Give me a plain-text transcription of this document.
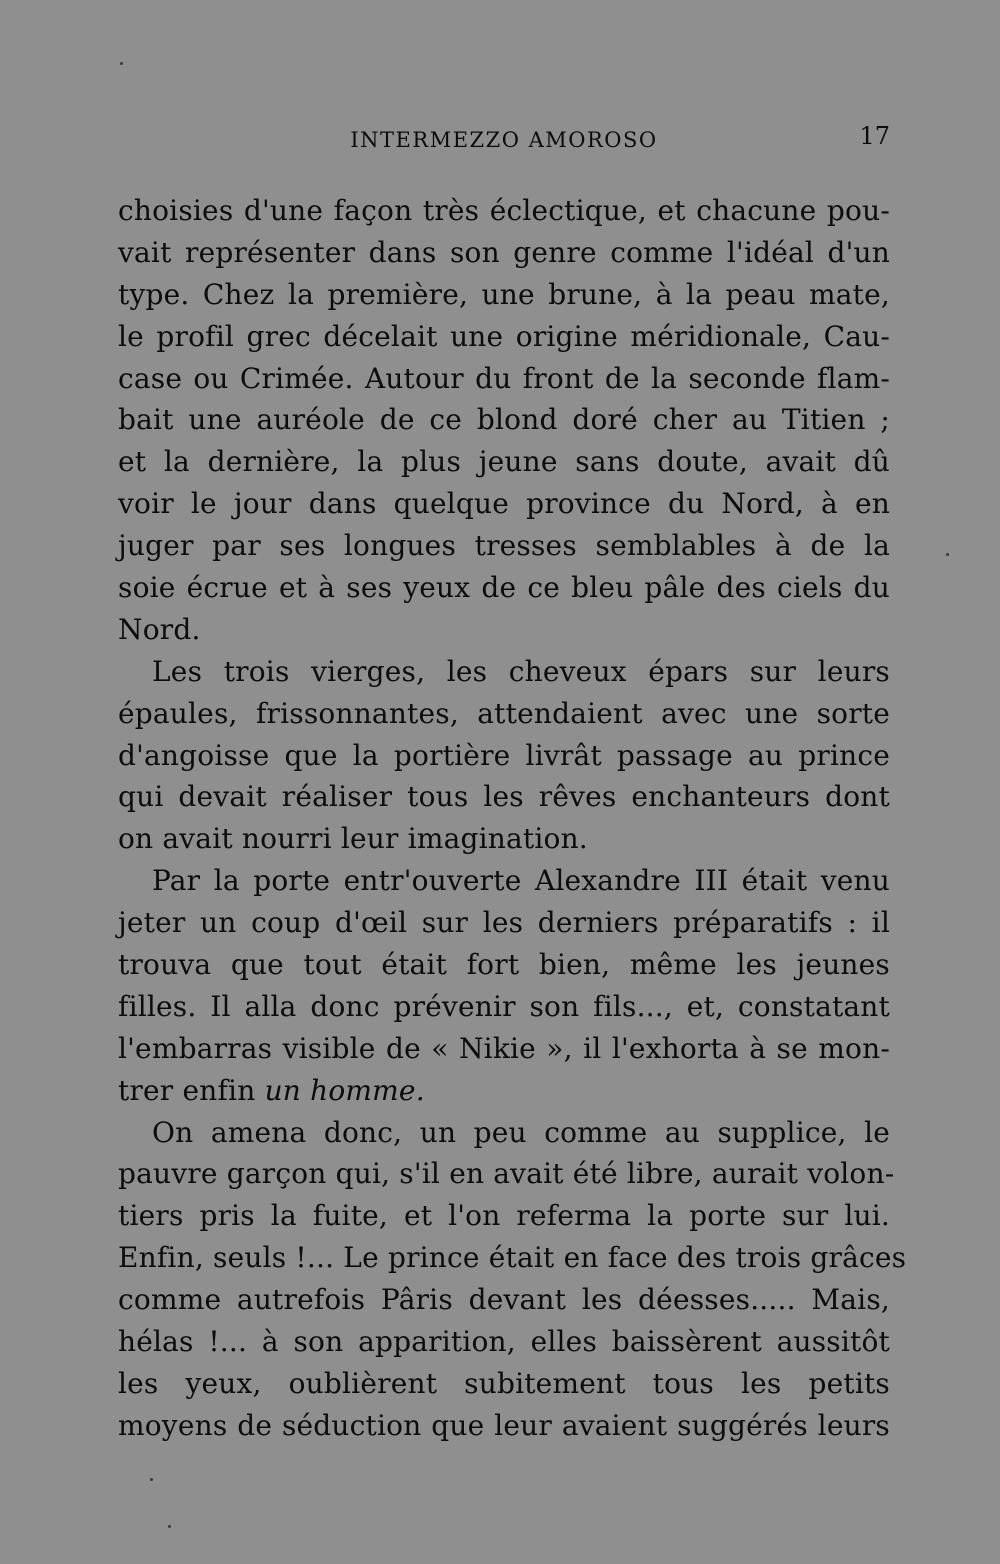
INTERMEZZO AMOROSO	17
choisies d'une façon très éclectique, et chacune pou-
vait représenter dans son genre comme l'idéal d'un
type. Chez la première, une brune, à la peau mate,
le profil grec décelait une origine méridionale, Cau-
case ou Crimée. Autour du front de la seconde flam-
bait une auréole de ce blond doré cher au Titien ;
et la dernière, la plus jeune sans doute, avait dû
voir le jour dans quelque province du Nord, à en
juger par ses longues tresses semblables à de la
soie écrue et à ses yeux de ce bleu pâle des ciels du
Nord.
Les trois vierges, les cheveux épars sur leurs
épaules, frissonnantes, attendaient avec une sorte
d'angoisse que la portière livrât passage au prince
qui devait réaliser tous les rêves enchanteurs dont
on avait nourri leur imagination.
Par la porte entr'ouverte Alexandre III était venu
jeter un coup d'œil sur les derniers préparatifs : il
trouva que tout était fort bien, même les jeunes
filles. Il alla donc prévenir son fils..., et, constatant
l'embarras visible de « Nikie », il l'exhorta à se mon-
trer enfin un homme.
On amena donc, un peu comme au supplice, le
pauvre garçon qui, s'il en avait été libre, aurait volon-
tiers pris la fuite, et l'on referma la porte sur lui.
Enfin, seuls !... Le prince était en face des trois grâces
comme autrefois Pâris devant les déesses..... Mais,
hélas !... à son apparition, elles baissèrent aussitôt
les yeux, oublièrent subitement tous les petits
moyens de séduction que leur avaient suggérés leurs
